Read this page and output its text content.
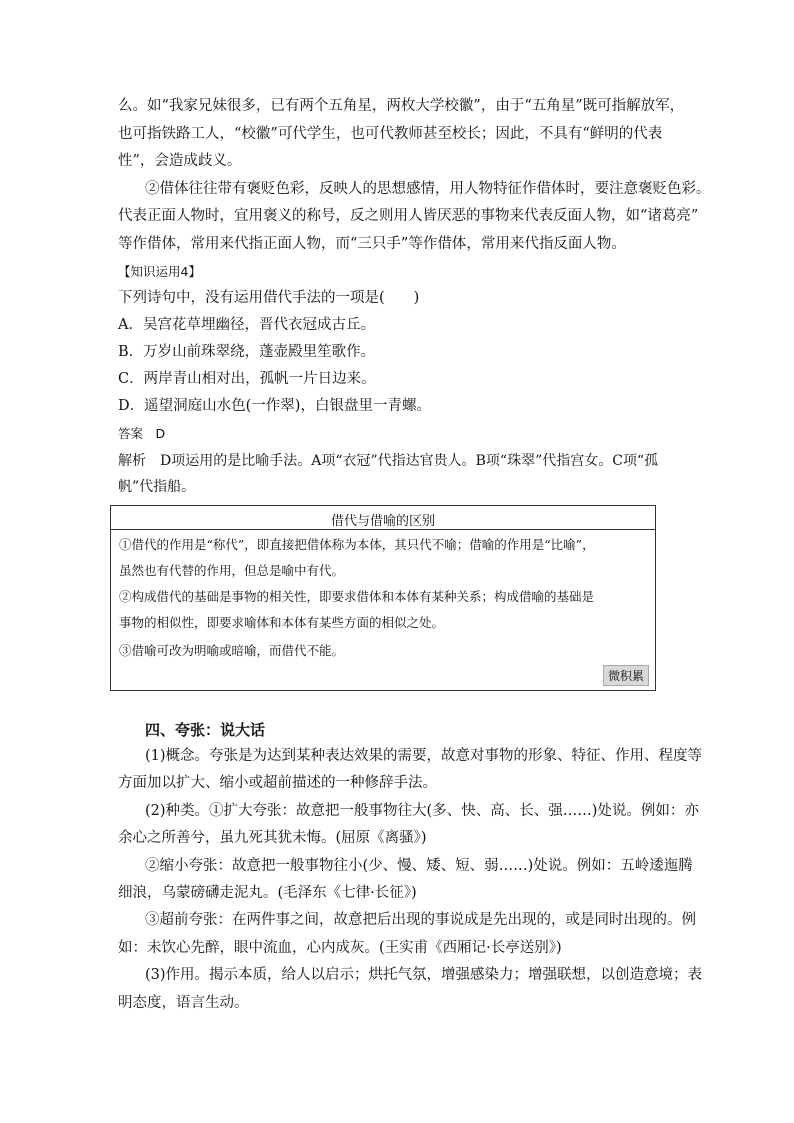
么。如“我家兄妹很多，已有两个五角星，两枚大学校徽”，由于“五角星”既可指解放军，
也可指铁路工人，“校徽”可代学生，也可代教师甚至校长；因此，不具有“鲜明的代表
性”，会造成歧义。
②借体往往带有褒贬色彩，反映人的思想感情，用人物特征作借体时，要注意褒贬色彩。
代表正面人物时，宜用褒义的称号，反之则用人皆厌恶的事物来代表反面人物，如“诸葛亮”
等作借体，常用来代指正面人物，而“三只手”等作借体，常用来代指反面人物。
【知识运用4】
下列诗句中，没有运用借代手法的一项是(　　)
A．吴宫花草埋幽径，晋代衣冠成古丘。
B．万岁山前珠翠绕，蓬壶殿里笙歌作。
C．两岸青山相对出，孤帆一片日边来。
D．遥望洞庭山水色(一作翠)，白银盘里一青螺。
答案　D
解析　D项运用的是比喻手法。A项“衣冠”代指达官贵人。B项“珠翠”代指宫女。C项“孤
帆”代指船。
借代与借喻的区别
①借代的作用是“称代”，即直接把借体称为本体，其只代不喻；借喻的作用是“比喻”，
虽然也有代替的作用，但总是喻中有代。
②构成借代的基础是事物的相关性，即要求借体和本体有某种关系；构成借喻的基础是
事物的相似性，即要求喻体和本体有某些方面的相似之处。
③借喻可改为明喻或暗喻，而借代不能。
微积累
四、夸张：说大话
(1)概念。夸张是为达到某种表达效果的需要，故意对事物的形象、特征、作用、程度等
方面加以扩大、缩小或超前描述的一种修辞手法。
(2)种类。①扩大夸张：故意把一般事物往大(多、快、高、长、强……)处说。例如：亦
余心之所善兮，虽九死其犹未悔。(屈原《离骚》)
②缩小夸张：故意把一般事物往小(少、慢、矮、短、弱……)处说。例如：五岭逶迤腾
细浪，乌蒙磅礴走泥丸。(毛泽东《七律·长征》)
③超前夸张：在两件事之间，故意把后出现的事说成是先出现的，或是同时出现的。例
如：未饮心先醉，眼中流血，心内成灰。(王实甫《西厢记·长亭送别》)
(3)作用。揭示本质，给人以启示；烘托气氛，增强感染力；增强联想，以创造意境；表
明态度，语言生动。
